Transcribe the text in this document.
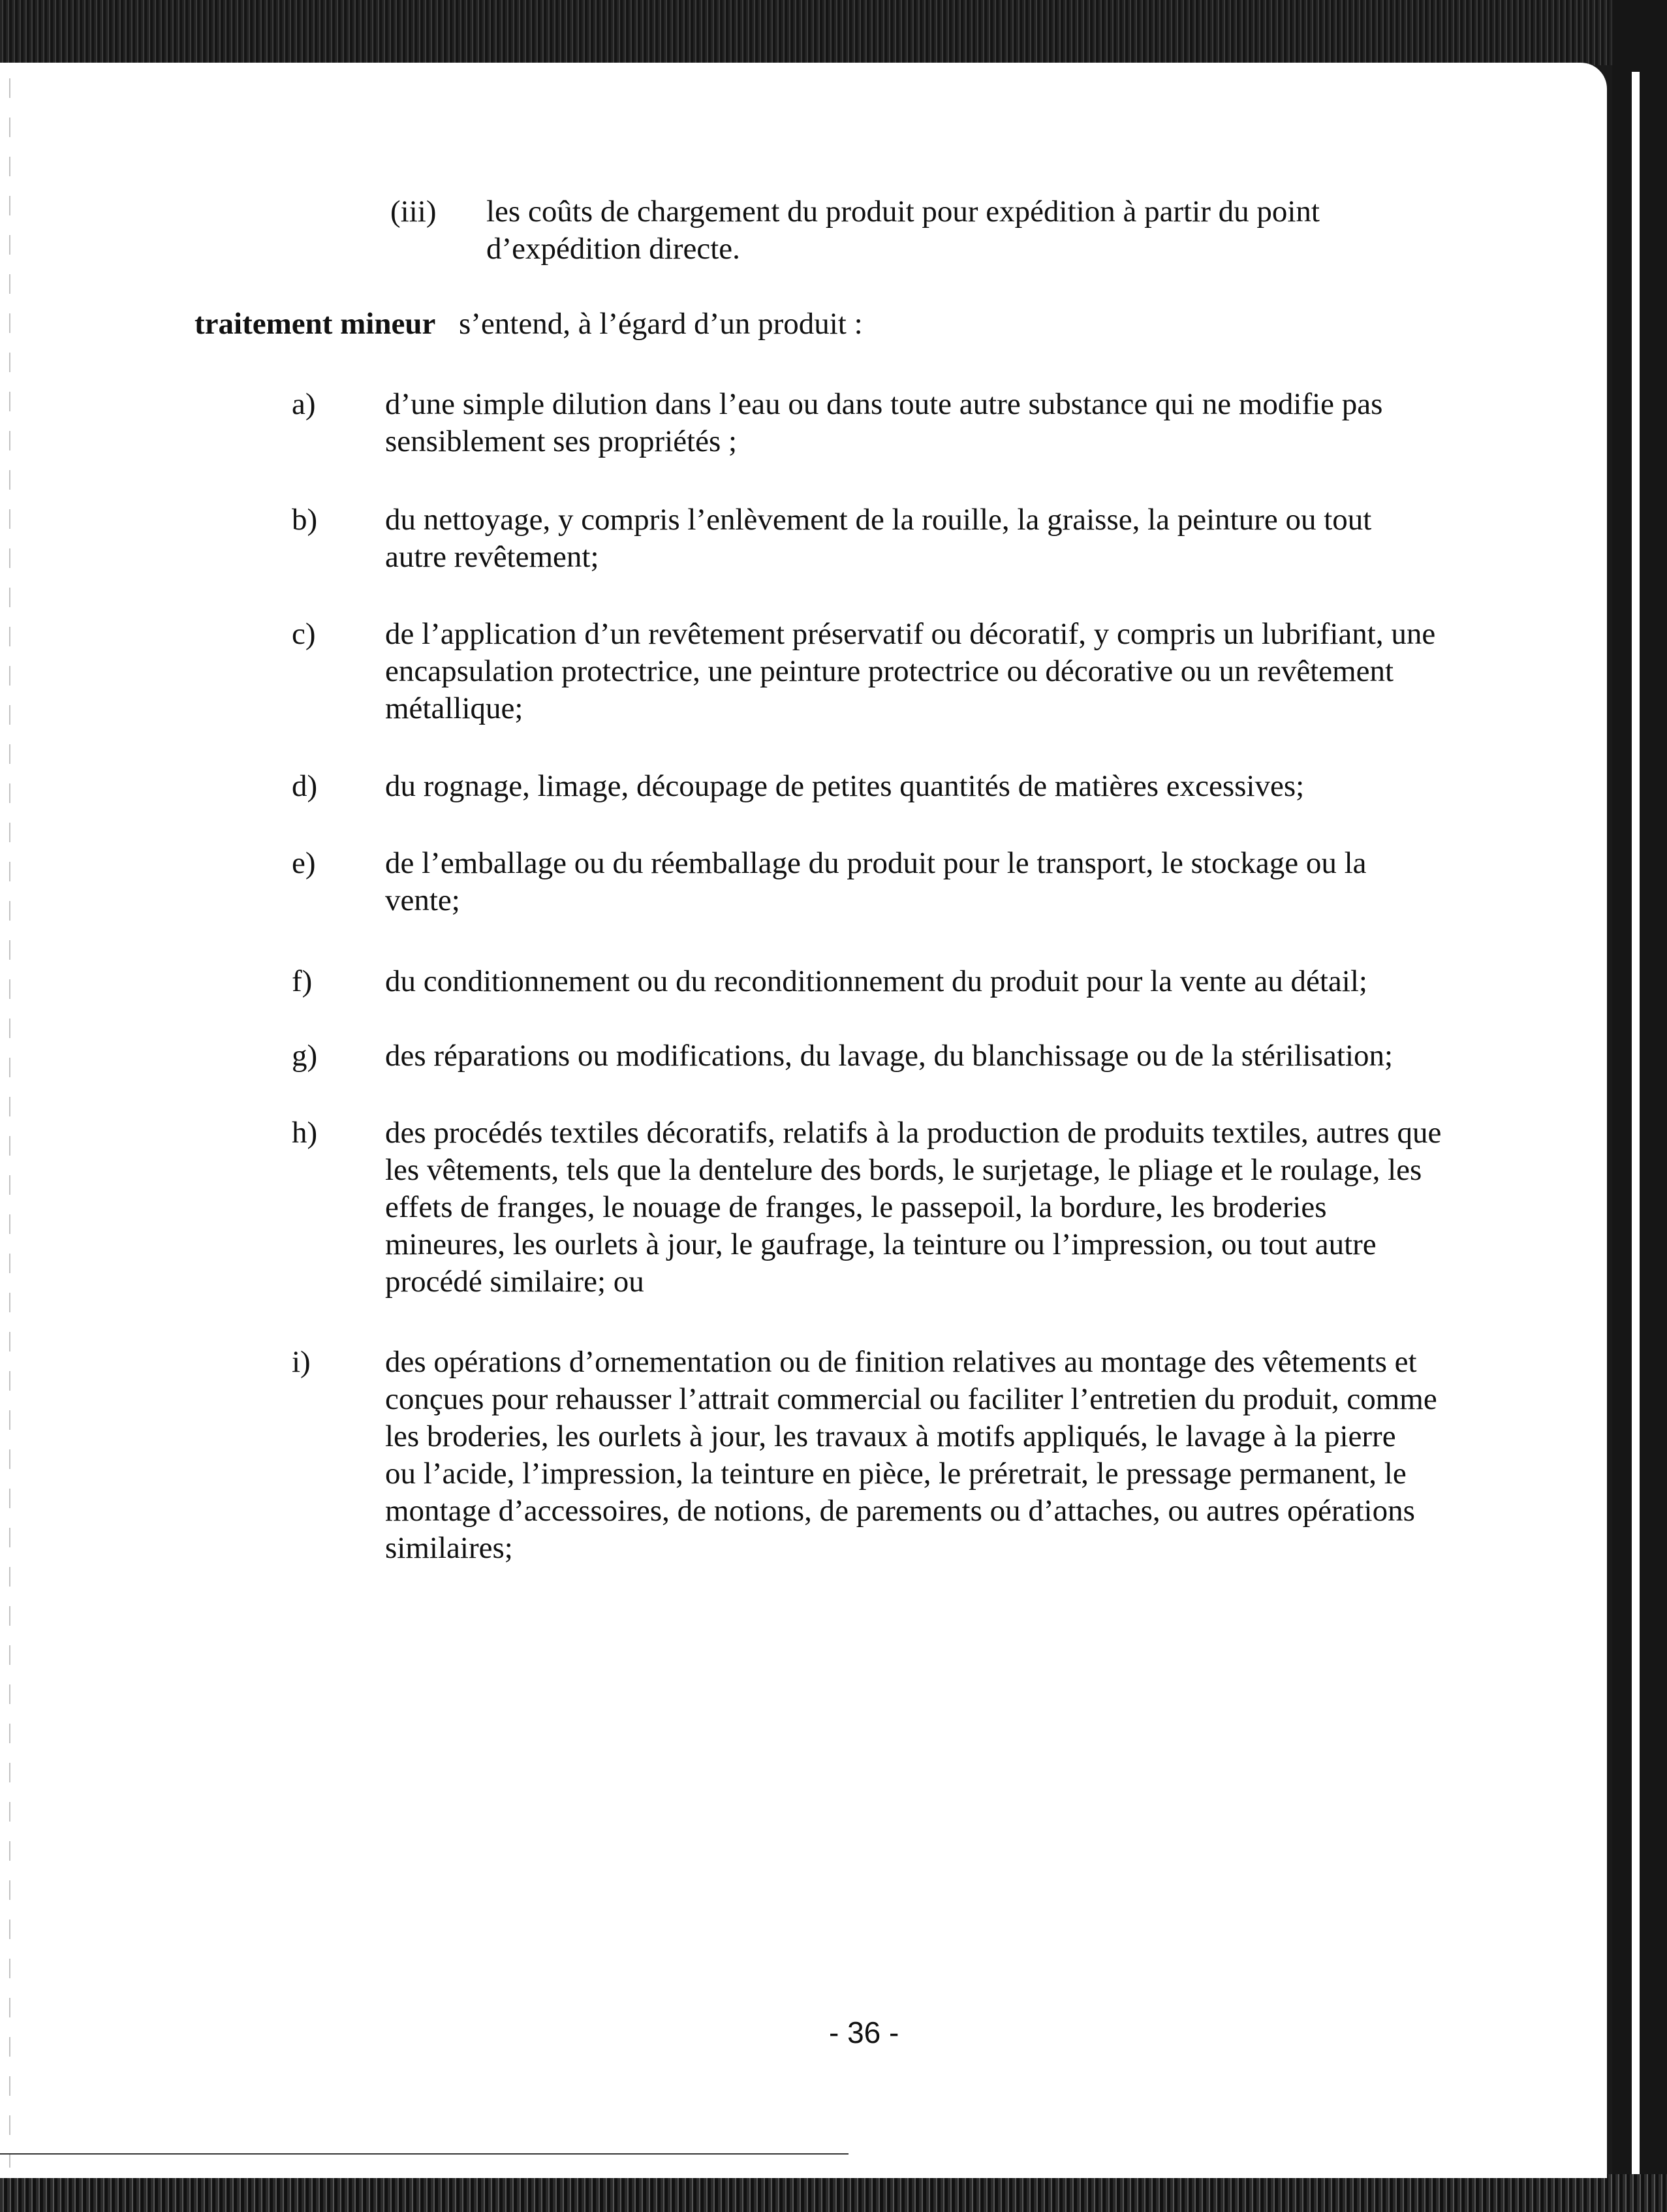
(iii) les coûts de chargement du produit pour expédition à partir du point
d’expédition directe.
traitement mineur s’entend, à l’égard d’un produit :
a) d’une simple dilution dans l’eau ou dans toute autre substance qui ne modifie pas
sensiblement ses propriétés ;
b) du nettoyage, y compris l’enlèvement de la rouille, la graisse, la peinture ou tout
autre revêtement;
c) de l’application d’un revêtement préservatif ou décoratif, y compris un lubrifiant, une
encapsulation protectrice, une peinture protectrice ou décorative ou un revêtement
métallique;
d) du rognage, limage, découpage de petites quantités de matières excessives;
e) de l’emballage ou du réemballage du produit pour le transport, le stockage ou la
vente;
f) du conditionnement ou du reconditionnement du produit pour la vente au détail;
g) des réparations ou modifications, du lavage, du blanchissage ou de la stérilisation;
h) des procédés textiles décoratifs, relatifs à la production de produits textiles, autres que
les vêtements, tels que la dentelure des bords, le surjetage, le pliage et le roulage, les
effets de franges, le nouage de franges, le passepoil, la bordure, les broderies
mineures, les ourlets à jour, le gaufrage, la teinture ou l’impression, ou tout autre
procédé similaire; ou
i) des opérations d’ornementation ou de finition relatives au montage des vêtements et
conçues pour rehausser l’attrait commercial ou faciliter l’entretien du produit, comme
les broderies, les ourlets à jour, les travaux à motifs appliqués, le lavage à la pierre
ou l’acide, l’impression, la teinture en pièce, le préretrait, le pressage permanent, le
montage d’accessoires, de notions, de parements ou d’attaches, ou autres opérations
similaires;
- 36 -
